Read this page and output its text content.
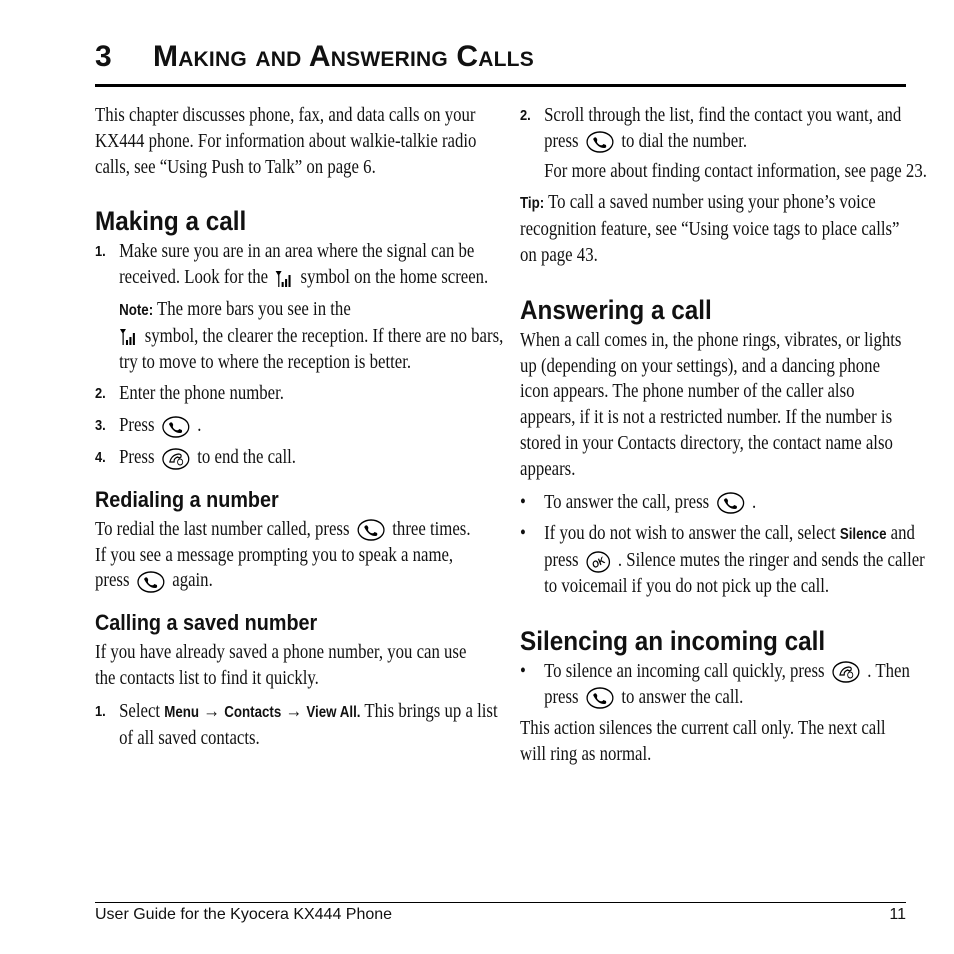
3 Making and Answering Calls

This chapter discusses phone, fax, and data calls on your KX444 phone. For information about walkie-talkie radio calls, see “Using Push to Talk” on page 6.

Making a call
1. Make sure you are in an area where the signal can be received. Look for the symbol on the home screen.
Note: The more bars you see in the
symbol, the clearer the reception. If there are no bars, try to move to where the reception is better.
2. Enter the phone number.
3. Press .
4. Press to end the call.
Redialing a number

To redial the last number called, press three times. If you see a message prompting you to speak a name, press again.

Calling a saved number

If you have already saved a phone number, you can use the contacts list to find it quickly.

1. Select Menu → Contacts → View All. This brings up a list of all saved contacts.
2. Scroll through the list, find the contact you want, and press to dial the number.
For more about finding contact information, see page 23.
Tip: To call a saved number using your phone’s voice recognition feature, see “Using voice tags to place calls” on page 43.
Answering a call

When a call comes in, the phone rings, vibrates, or lights up (depending on your settings), and a dancing phone icon appears. The phone number of the caller also appears, if it is not a restricted number. If the number is stored in your Contacts directory, the contact name also appears.

• To answer the call, press .
• If you do not wish to answer the call, select Silence and press OK . Silence mutes the ringer and sends the caller to voicemail if you do not pick up the call.
Silencing an incoming call
• To silence an incoming call quickly, press . Then press to answer the call.

This action silences the current call only. The next call will ring as normal.

User Guide for the Kyocera KX444 Phone	11
